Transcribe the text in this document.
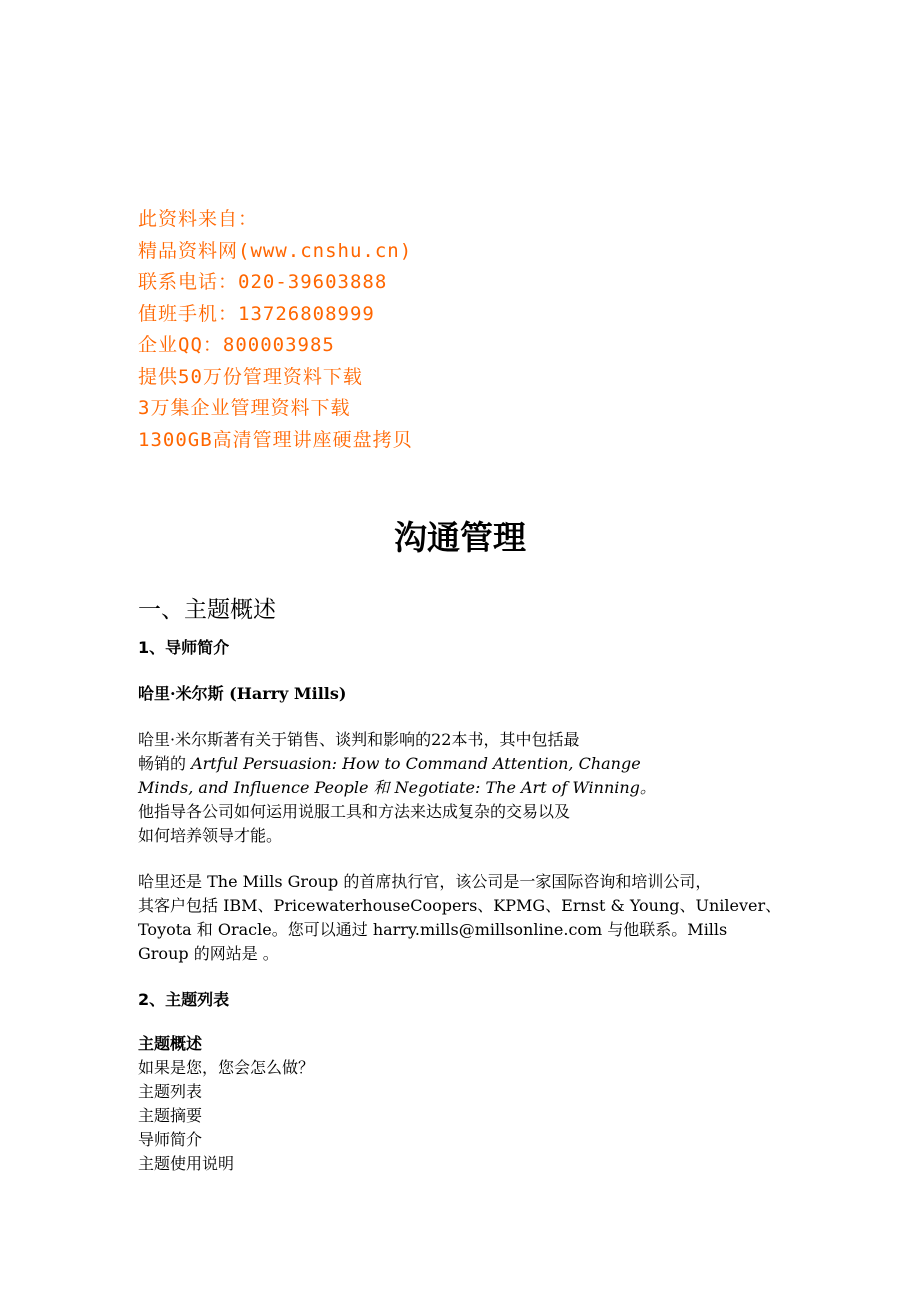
此资料来自：
精品资料网(www.cnshu.cn)
联系电话：020-39603888
值班手机：13726808999
企业QQ：800003985
提供50万份管理资料下载
3万集企业管理资料下载
1300GB高清管理讲座硬盘拷贝
沟通管理
一、主题概述
1、导师简介
哈里·米尔斯 (Harry Mills)
哈里·米尔斯著有关于销售、谈判和影响的22本书，其中包括最
畅销的 Artful Persuasion: How to Command Attention, Change
Minds, and Influence People 和 Negotiate: The Art of Winning。
他指导各公司如何运用说服工具和方法来达成复杂的交易以及
如何培养领导才能。
哈里还是 The Mills Group 的首席执行官，该公司是一家国际咨询和培训公司，
其客户包括 IBM、PricewaterhouseCoopers、KPMG、Ernst & Young、Unilever、
Toyota 和 Oracle。您可以通过 harry.mills@millsonline.com 与他联系。Mills
Group 的网站是 。
2、主题列表
主题概述
如果是您，您会怎么做？
主题列表
主题摘要
导师简介
主题使用说明
